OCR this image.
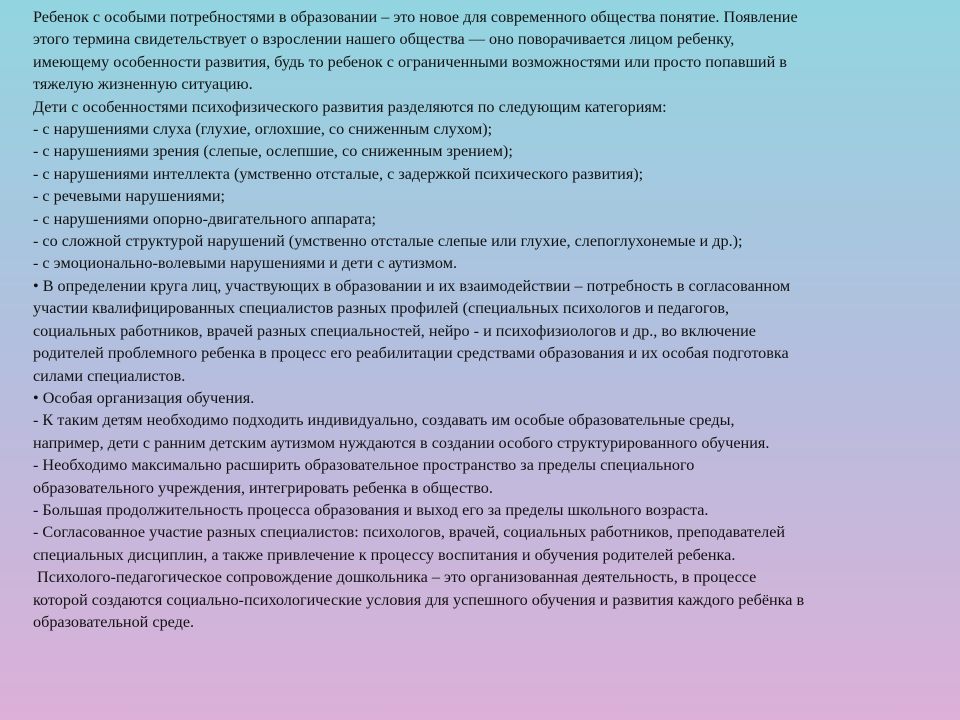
Ребенок с особыми потребностями в образовании – это новое для современного общества понятие. Появление
этого термина свидетельствует о взрослении нашего общества — оно поворачивается лицом ребенку,
имеющему особенности развития, будь то ребенок с ограниченными возможностями или просто попавший в
тяжелую жизненную ситуацию.
Дети с особенностями психофизического развития разделяются по следующим категориям:
- с нарушениями слуха (глухие, оглохшие, со сниженным слухом);
- с нарушениями зрения (слепые, ослепшие, со сниженным зрением);
- с нарушениями интеллекта (умственно отсталые, с задержкой психического развития);
- с речевыми нарушениями;
- с нарушениями опорно-двигательного аппарата;
- со сложной структурой нарушений (умственно отсталые слепые или глухие, слепоглухонемые и др.);
- с эмоционально-волевыми нарушениями и дети с аутизмом.
• В определении круга лиц, участвующих в образовании и их взаимодействии – потребность в согласованном
участии квалифицированных специалистов разных профилей (специальных психологов и педагогов,
социальных работников, врачей разных специальностей, нейро - и психофизиологов и др., во включение
родителей проблемного ребенка в процесс его реабилитации средствами образования и их особая подготовка
силами специалистов.
• Особая организация обучения.
- К таким детям необходимо подходить индивидуально, создавать им особые образовательные среды,
например, дети с ранним детским аутизмом нуждаются в создании особого структурированного обучения.
- Необходимо максимально расширить образовательное пространство за пределы специального
образовательного учреждения, интегрировать ребенка в общество.
- Большая продолжительность процесса образования и выход его за пределы школьного возраста.
- Согласованное участие разных специалистов: психологов, врачей, социальных работников, преподавателей
специальных дисциплин, а также привлечение к процессу воспитания и обучения родителей ребенка.
Психолого-педагогическое сопровождение дошкольника – это организованная деятельность, в процессе
которой создаются социально-психологические условия для успешного обучения и развития каждого ребёнка в
образовательной среде.
